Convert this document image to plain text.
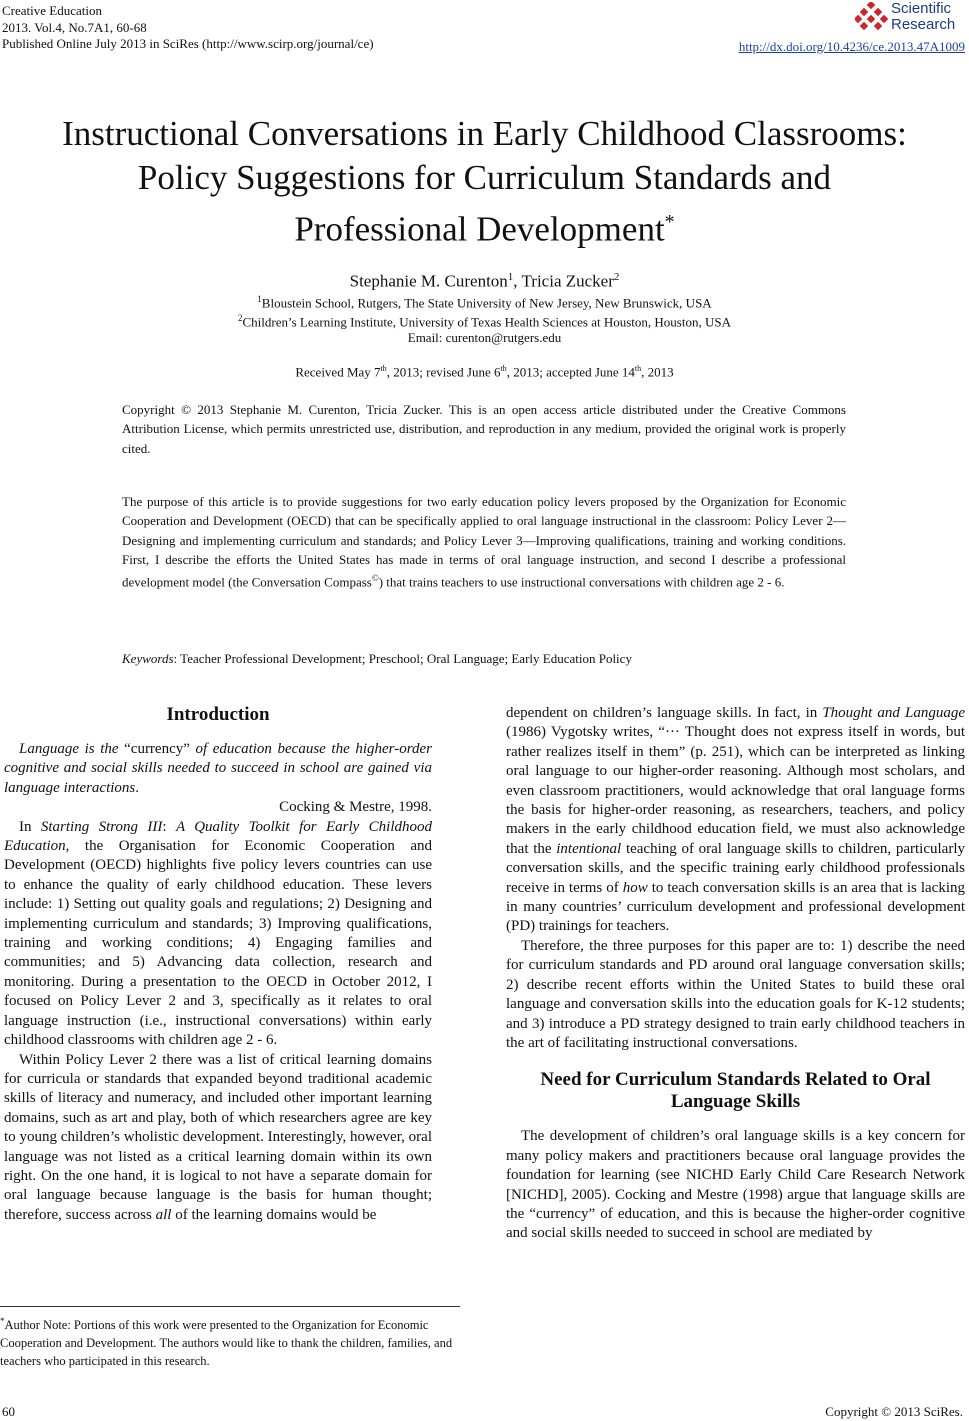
Creative Education
2013. Vol.4, No.7A1, 60-68
Published Online July 2013 in SciRes (http://www.scirp.org/journal/ce)
Scientific
Research
http://dx.doi.org/10.4236/ce.2013.47A1009
Instructional Conversations in Early Childhood Classrooms:
Policy Suggestions for Curriculum Standards and
Professional Development*
Stephanie M. Curenton$^1$, Tricia Zucker$^2$
$^1$Bloustein School, Rutgers, The State University of New Jersey, New Brunswick, USA
$^2$Children’s Learning Institute, University of Texas Health Sciences at Houston, Houston, USA
Email: curenton@rutgers.edu
Received May 7th, 2013; revised June 6th, 2013; accepted June 14th, 2013
Copyright © 2013 Stephanie M. Curenton, Tricia Zucker. This is an open access article distributed under the Creative Commons Attribution License, which permits unrestricted use, distribution, and reproduction in any medium, provided the original work is properly cited.
The purpose of this article is to provide suggestions for two early education policy levers proposed by the Organization for Economic Cooperation and Development (OECD) that can be specifically applied to oral language instructional in the classroom: Policy Lever 2—Designing and implementing curriculum and standards; and Policy Lever 3—Improving qualifications, training and working conditions. First, I describe the efforts the United States has made in terms of oral language instruction, and second I describe a professional development model (the Conversation Compass©) that trains teachers to use instructional conversations with children age 2 - 6.
Keywords: Teacher Professional Development; Preschool; Oral Language; Early Education Policy
Introduction

Language is the “currency” of education because the higher-order cognitive and social skills needed to succeed in school are gained via language interactions.

Cocking & Mestre, 1998.

In Starting Strong III: A Quality Toolkit for Early Childhood Education, the Organisation for Economic Cooperation and Development (OECD) highlights five policy levers countries can use to enhance the quality of early childhood education. These levers include: 1) Setting out quality goals and regulations; 2) Designing and implementing curriculum and standards; 3) Improving qualifications, training and working conditions; 4) Engaging families and communities; and 5) Advancing data collection, research and monitoring. During a presentation to the OECD in October 2012, I focused on Policy Lever 2 and 3, specifically as it relates to oral language instruction (i.e., instructional conversations) within early childhood classrooms with children age 2 - 6.

Within Policy Lever 2 there was a list of critical learning domains for curricula or standards that expanded beyond traditional academic skills of literacy and numeracy, and included other important learning domains, such as art and play, both of which researchers agree are key to young children’s wholistic development. Interestingly, however, oral language was not listed as a critical learning domain within its own right. On the one hand, it is logical to not have a separate domain for oral language because language is the basis for human thought; therefore, success across all of the learning domains would be

dependent on children’s language skills. In fact, in Thought and Language (1986) Vygotsky writes, “··· Thought does not express itself in words, but rather realizes itself in them” (p. 251), which can be interpreted as linking oral language to our higher-order reasoning. Although most scholars, and even classroom practitioners, would acknowledge that oral language forms the basis for higher-order reasoning, as researchers, teachers, and policy makers in the early childhood education field, we must also acknowledge that the intentional teaching of oral language skills to children, particularly conversation skills, and the specific training early childhood professionals receive in terms of how to teach conversation skills is an area that is lacking in many countries’ curriculum development and professional development (PD) trainings for teachers.

Therefore, the three purposes for this paper are to: 1) describe the need for curriculum standards and PD around oral language conversation skills; 2) describe recent efforts within the United States to build these oral language and conversation skills into the education goals for K-12 students; and 3) introduce a PD strategy designed to train early childhood teachers in the art of facilitating instructional conversations.

Need for Curriculum Standards Related to Oral Language Skills

The development of children’s oral language skills is a key concern for many policy makers and practitioners because oral language provides the foundation for learning (see NICHD Early Child Care Research Network [NICHD], 2005). Cocking and Mestre (1998) argue that language skills are the “currency” of education, and this is because the higher-order cognitive and social skills needed to succeed in school are mediated by

*Author Note: Portions of this work were presented to the Organization for Economic Cooperation and Development. The authors would like to thank the children, families, and teachers who participated in this research.
60	Copyright © 2013 SciRes.
